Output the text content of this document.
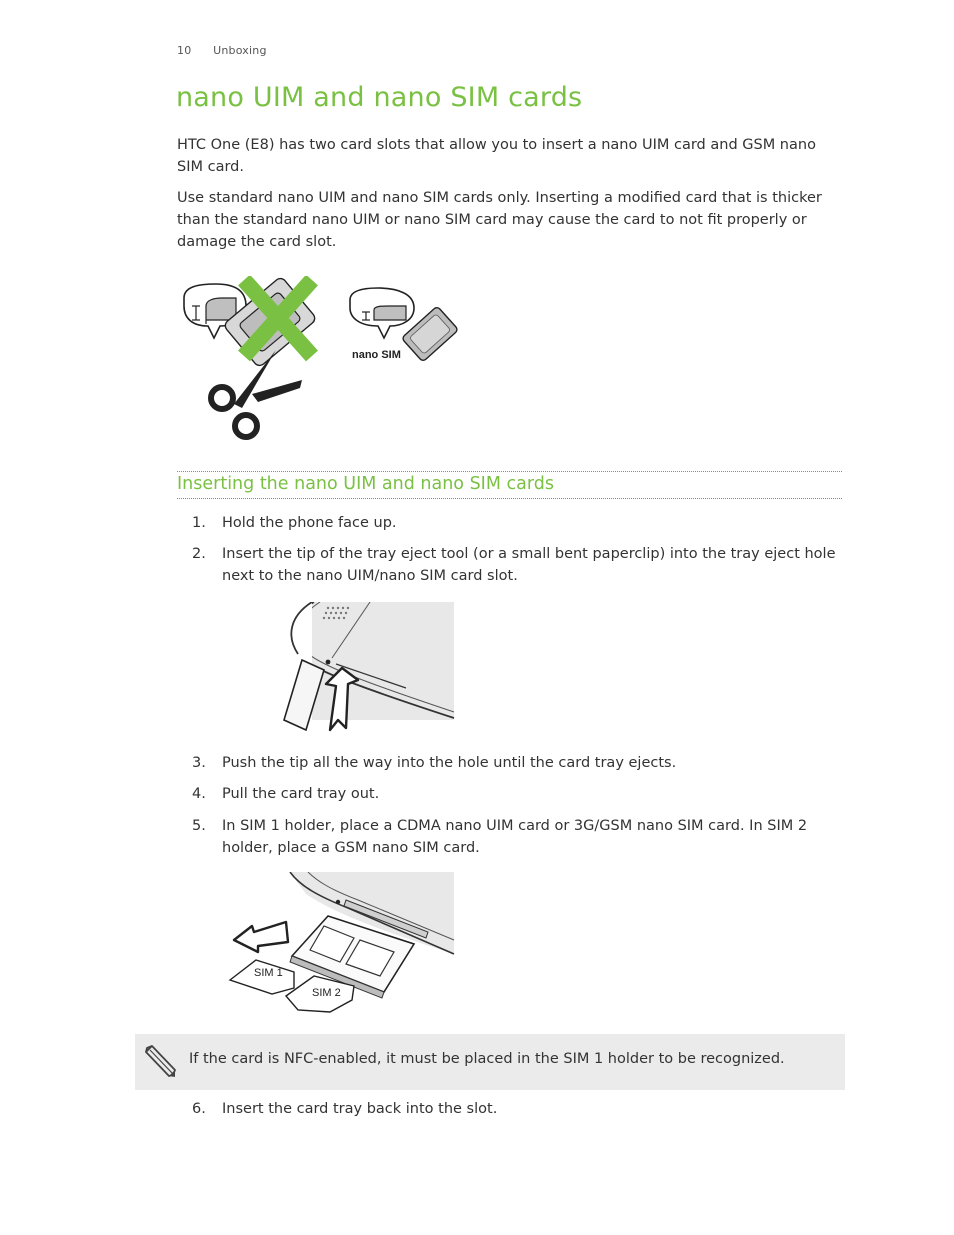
10 Unboxing
nano UIM and nano SIM cards

HTC One (E8) has two card slots that allow you to insert a nano UIM card and GSM nano SIM card.

Use standard nano UIM and nano SIM cards only. Inserting a modified card that is thicker than the standard nano UIM or nano SIM card may cause the card to not fit properly or damage the card slot.

nano SIM
Inserting the nano UIM and nano SIM cards
1.	Hold the phone face up.
2.	Insert the tip of the tray eject tool (or a small bent paperclip) into the tray eject hole next to the nano UIM/nano SIM card slot.
3.	Push the tip all the way into the hole until the card tray ejects.
4.	Pull the card tray out.
5.	In SIM 1 holder, place a CDMA nano UIM card or 3G/GSM nano SIM card. In SIM 2 holder, place a GSM nano SIM card.
SIM 1
SIM 2
If the card is NFC-enabled, it must be placed in the SIM 1 holder to be recognized.
6.	Insert the card tray back into the slot.
